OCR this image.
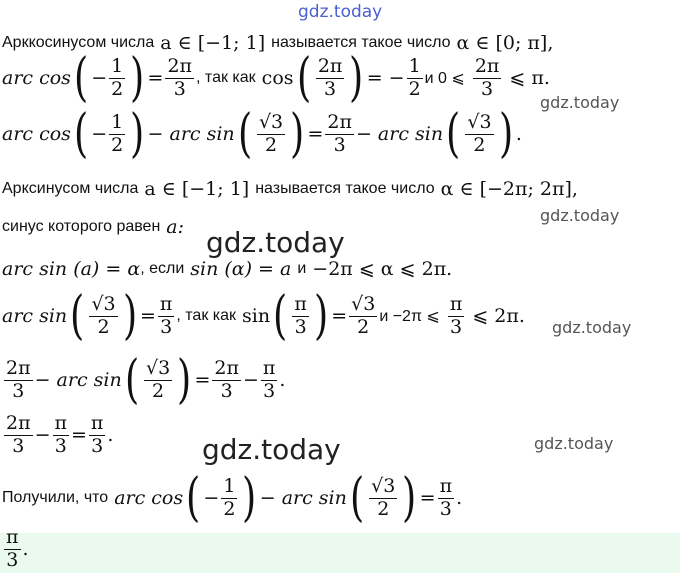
gdz.today
gdz.today
gdz.today
gdz.today
gdz.today
gdz.today	gdz.today
Арккосинусом числа a ∈ [−1; 1] называется такое число α ∈ [0; π],
arc cos ( − $\frac{1}{2}$ ) = $\frac{2\pi}{3}$ , так как cos ( $\frac{2\pi}{3}$ ) = − $\frac{1}{2}$ и 0 ⩽ $\frac{2\pi}{3}$ ⩽ π.
arc cos ( − $\frac{1}{2}$ ) − arc sin ( $\frac{√3}{2}$ ) = $\frac{2\pi}{3}$ − arc sin ( $\frac{√3}{2}$ ) .
Арксинусом числа a ∈ [−1; 1] называется такое число α ∈ [−2π; 2π],
синус которого равен a:
arc sin (a) = α , если sin (α) = a и −2π ⩽ α ⩽ 2π.
arc sin ( $\frac{√3}{2}$ ) = $\frac{\pi}{3}$ , так как sin ( $\frac{\pi}{3}$ ) = $\frac{√3}{2}$ и −2π ⩽ $\frac{\pi}{3}$ ⩽ 2π.
$\frac{2\pi}{3}$ − arc sin ( $\frac{√3}{2}$ ) = $\frac{2\pi}{3} - \frac{\pi}{3}$ .
$\frac{2\pi}{3} - \frac{\pi}{3} = \frac{\pi}{3}$ .
Получили, что arc cos ( − $\frac{1}{2}$ ) − arc sin ( $\frac{√3}{2}$ ) = $\frac{\pi}{3}$ .
$\frac{\pi}{3}$ .
